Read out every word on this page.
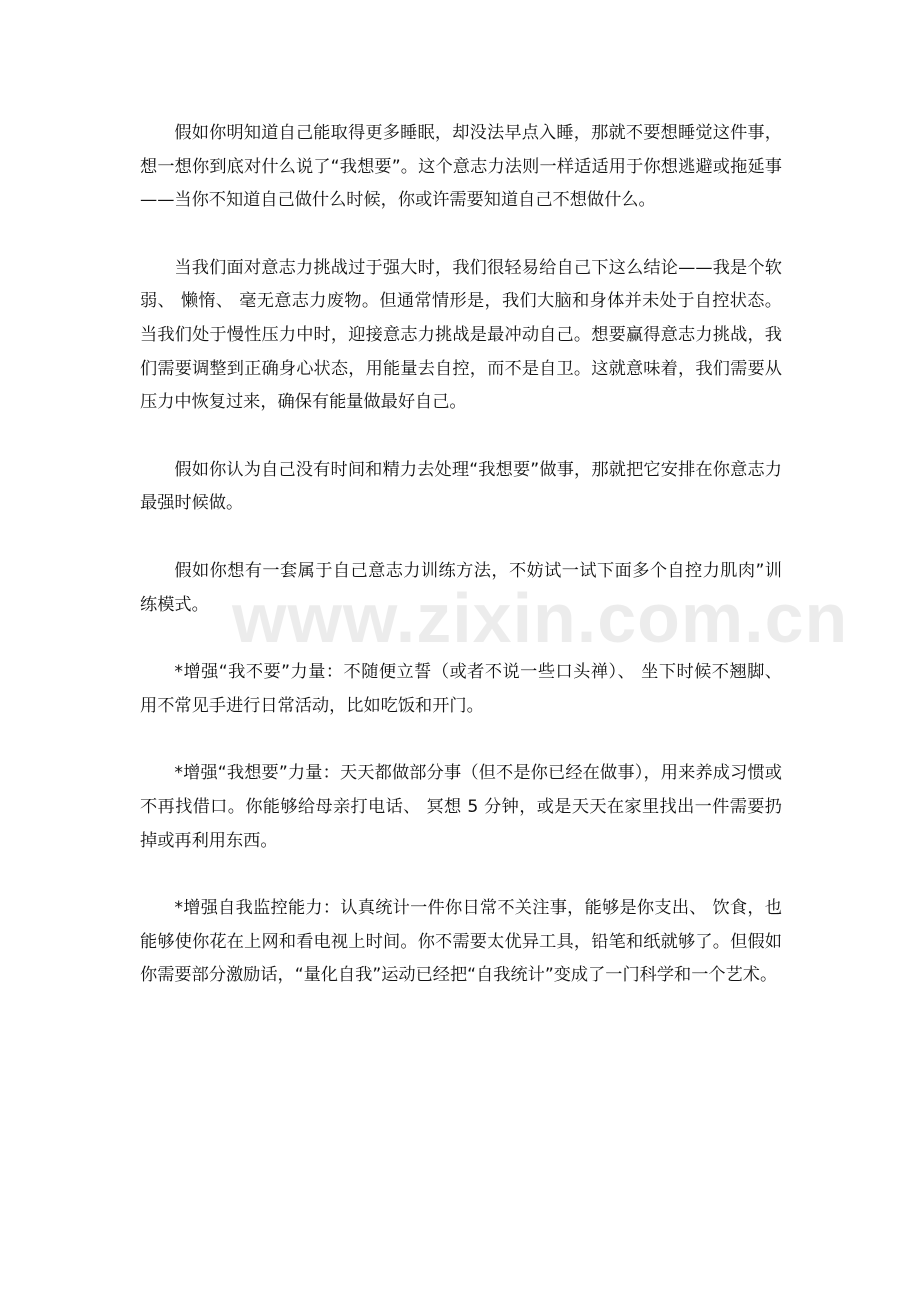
假如你明知道自己能取得更多睡眠，却没法早点入睡，那就不要想睡觉这件事，想一想你到底对什么说了“我想要”。这个意志力法则一样适适用于你想逃避或拖延事——当你不知道自己做什么时候，你或许需要知道自己不想做什么。

当我们面对意志力挑战过于强大时，我们很轻易给自己下这么结论——我是个软弱、 懒惰、 毫无意志力废物。但通常情形是，我们大脑和身体并未处于自控状态。当我们处于慢性压力中时，迎接意志力挑战是最冲动自己。想要赢得意志力挑战，我们需要调整到正确身心状态，用能量去自控，而不是自卫。这就意味着，我们需要从压力中恢复过来，确保有能量做最好自己。

假如你认为自己没有时间和精力去处理“我想要”做事，那就把它安排在你意志力最强时候做。

假如你想有一套属于自己意志力训练方法，不妨试一试下面多个自控力肌肉”训练模式。

*增强“我不要”力量：不随便立誓（或者不说一些口头禅）、 坐下时候不翘脚、 用不常见手进行日常活动，比如吃饭和开门。

*增强“我想要”力量：天天都做部分事（但不是你已经在做事），用来养成习惯或不再找借口。你能够给母亲打电话、 冥想 5 分钟，或是天天在家里找出一件需要扔掉或再利用东西。

*增强自我监控能力：认真统计一件你日常不关注事，能够是你支出、 饮食，也能够使你花在上网和看电视上时间。你不需要太优异工具，铅笔和纸就够了。但假如你需要部分激励话，“量化自我”运动已经把“自我统计”变成了一门科学和一个艺术。

www.zixin.com.cn
